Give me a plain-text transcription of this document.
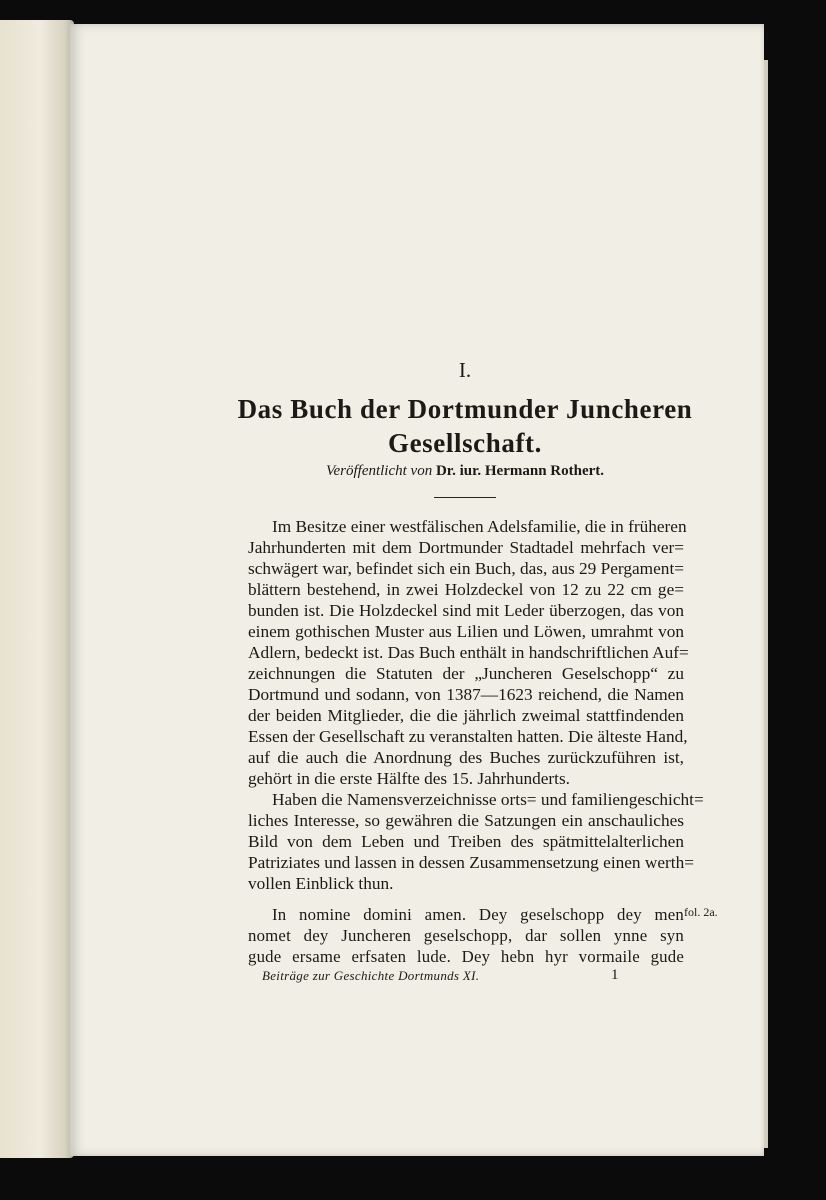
I.
Das Buch der Dortmunder Juncheren
Gesellschaft.
Veröffentlicht von Dr. iur. Hermann Rothert.
Im Besitze einer westfälischen Adelsfamilie, die in früheren
Jahrhunderten mit dem Dortmunder Stadtadel mehrfach ver=
schwägert war, befindet sich ein Buch, das, aus 29 Pergament=
blättern bestehend, in zwei Holzdeckel von 12 zu 22 cm ge=
bunden ist. Die Holzdeckel sind mit Leder überzogen, das von
einem gothischen Muster aus Lilien und Löwen, umrahmt von
Adlern, bedeckt ist. Das Buch enthält in handschriftlichen Auf=
zeichnungen die Statuten der „Juncheren Geselschopp“ zu
Dortmund und sodann, von 1387—1623 reichend, die Namen
der beiden Mitglieder, die die jährlich zweimal stattfindenden
Essen der Gesellschaft zu veranstalten hatten. Die älteste Hand,
auf die auch die Anordnung des Buches zurückzuführen ist,
gehört in die erste Hälfte des 15. Jahrhunderts.
Haben die Namensverzeichnisse orts= und familiengeschicht=
liches Interesse, so gewähren die Satzungen ein anschauliches
Bild von dem Leben und Treiben des spätmittelalterlichen
Patriziates und lassen in dessen Zusammensetzung einen werth=
vollen Einblick thun.
In nomine domini amen. Dey geselschopp dey men
nomet dey Juncheren geselschopp, dar sollen ynne syn
gude ersame erfsaten lude. Dey hebn hyr vormaile gude
fol. 2a.
Beiträge zur Geschichte Dortmunds XI.	1
